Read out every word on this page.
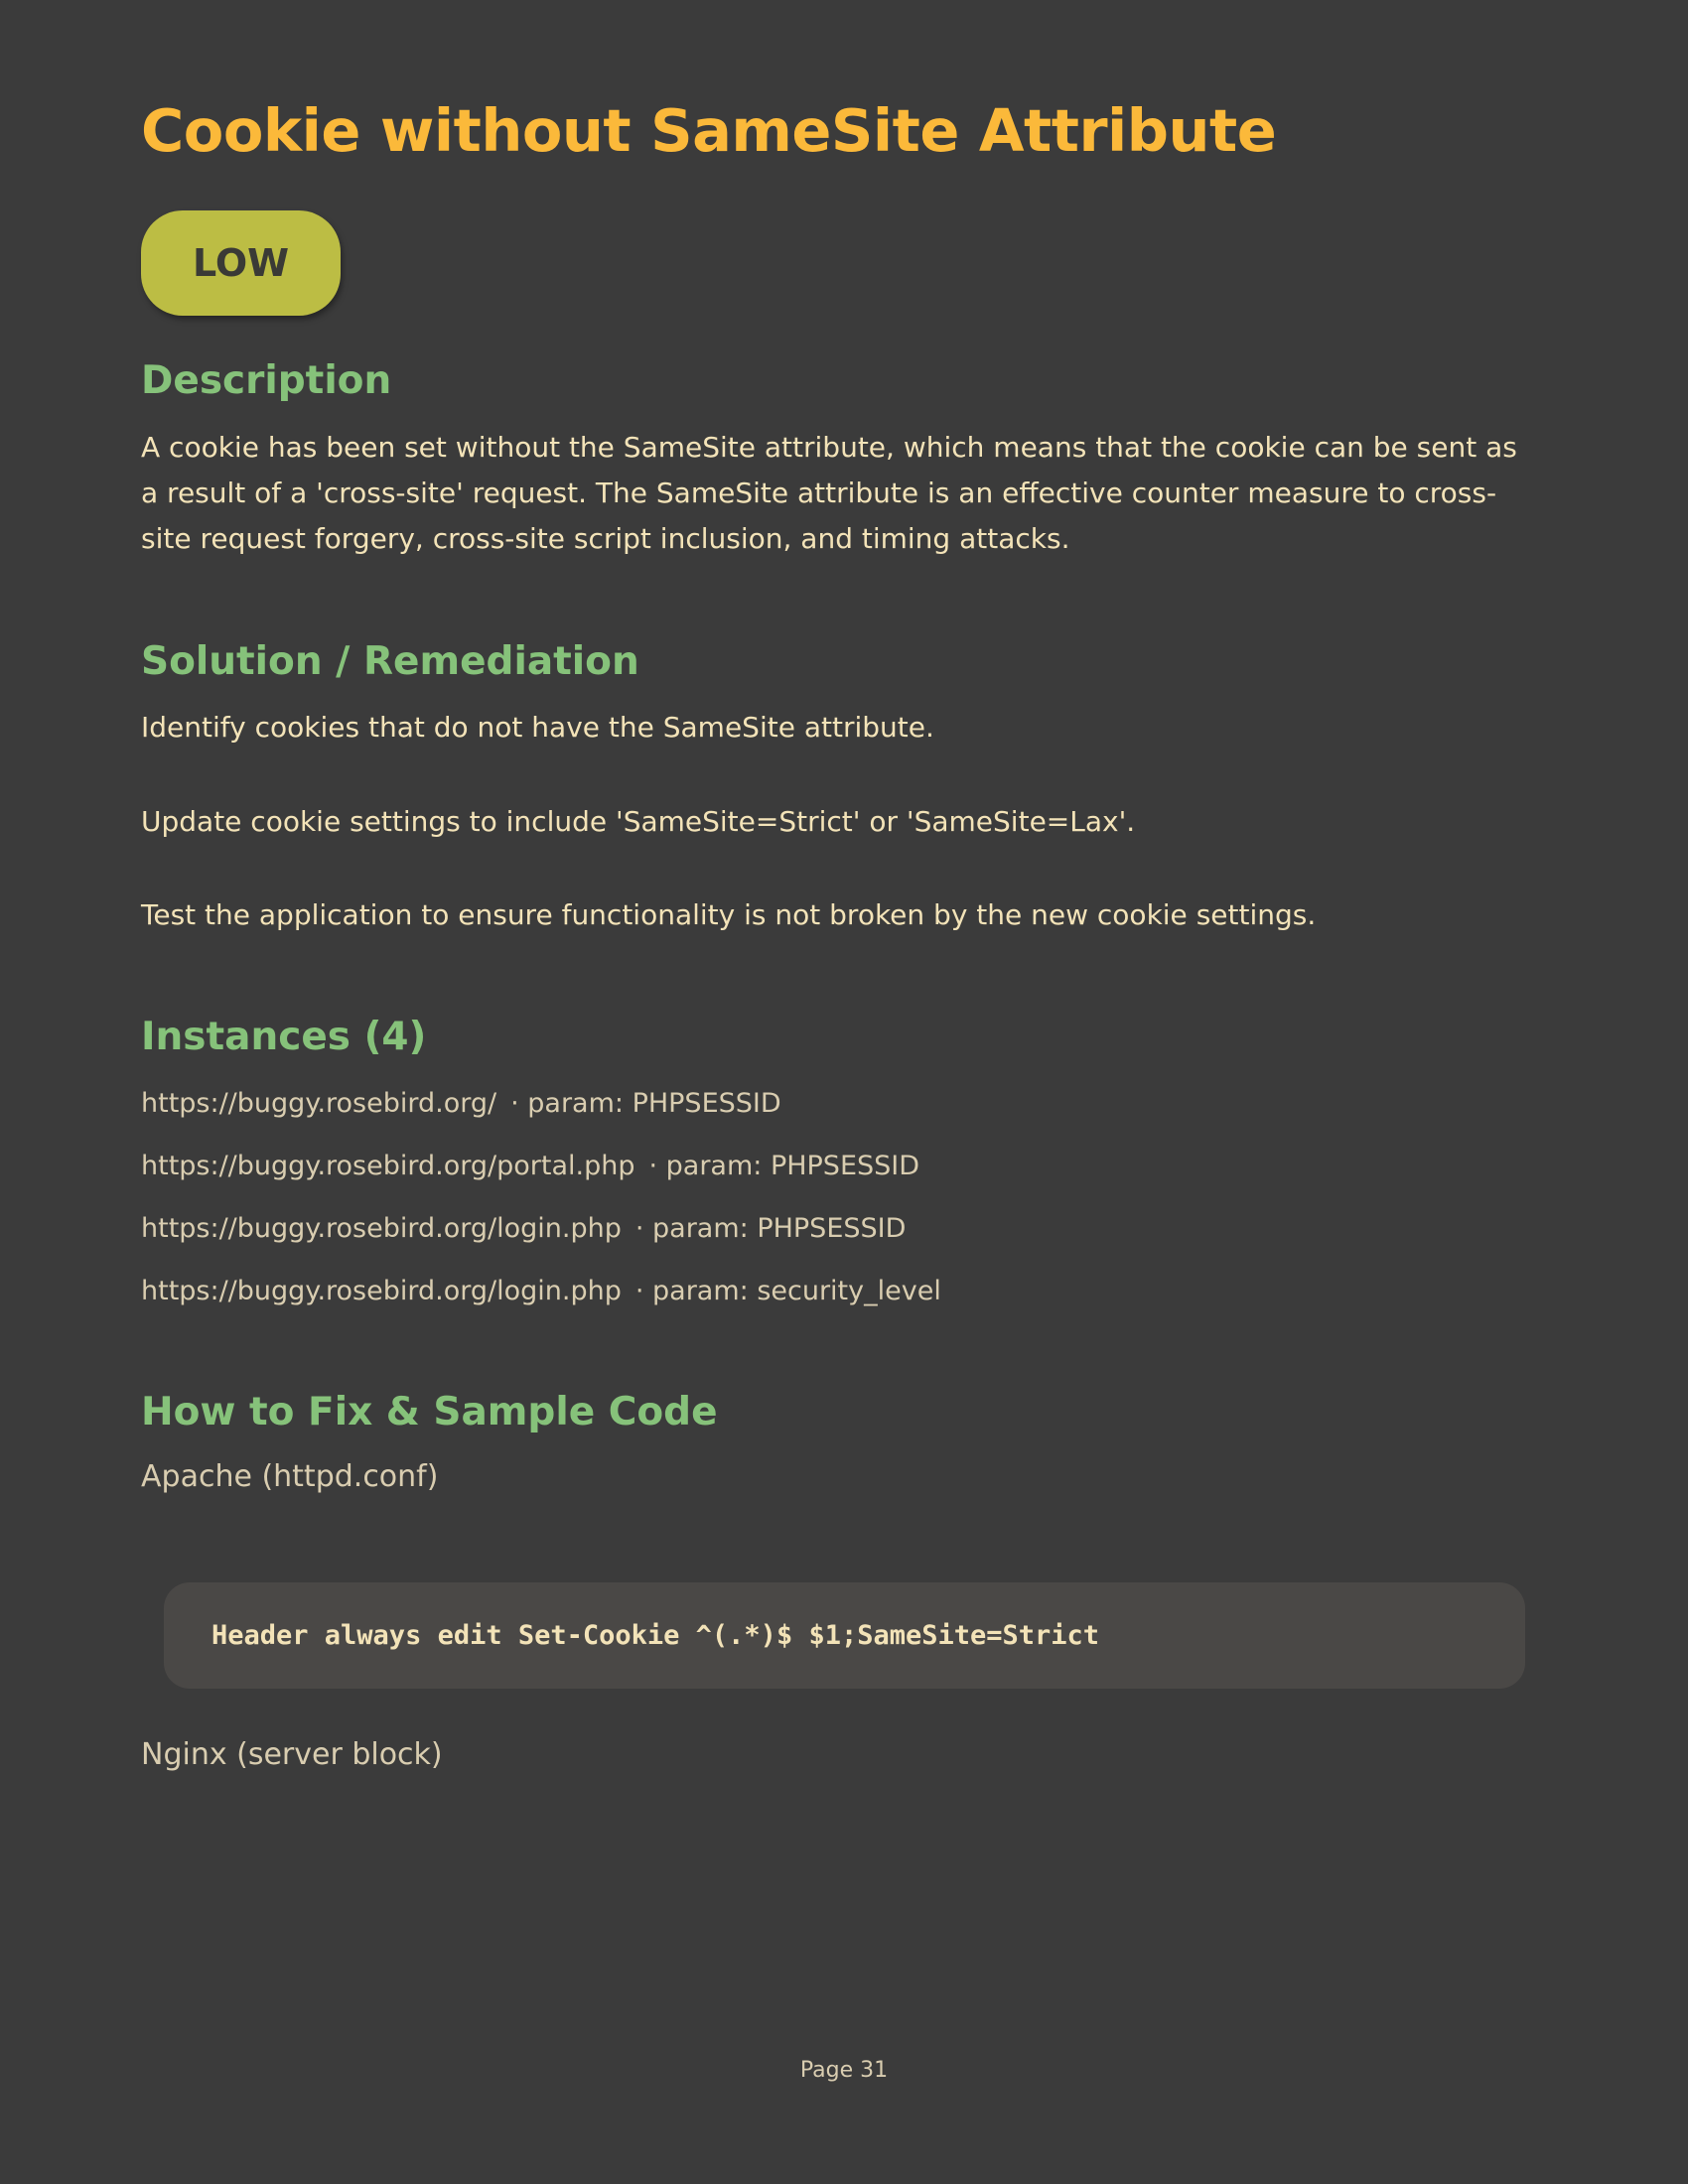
Cookie without SameSite Attribute
LOW
Description

A cookie has been set without the SameSite attribute, which means that the cookie can be sent as a result of a 'cross-site' request. The SameSite attribute is an effective counter measure to cross-site request forgery, cross-site script inclusion, and timing attacks.

Solution / Remediation

Identify cookies that do not have the SameSite attribute.

Update cookie settings to include 'SameSite=Strict' or 'SameSite=Lax'.

Test the application to ensure functionality is not broken by the new cookie settings.

Instances (4)
https://buggy.rosebird.org/ · param: PHPSESSID
https://buggy.rosebird.org/portal.php · param: PHPSESSID
https://buggy.rosebird.org/login.php · param: PHPSESSID
https://buggy.rosebird.org/login.php · param: security_level
How to Fix & Sample Code
Apache (httpd.conf)
Header always edit Set-Cookie ^(.*)$ $1;SameSite=Strict
Nginx (server block)
Page 31
